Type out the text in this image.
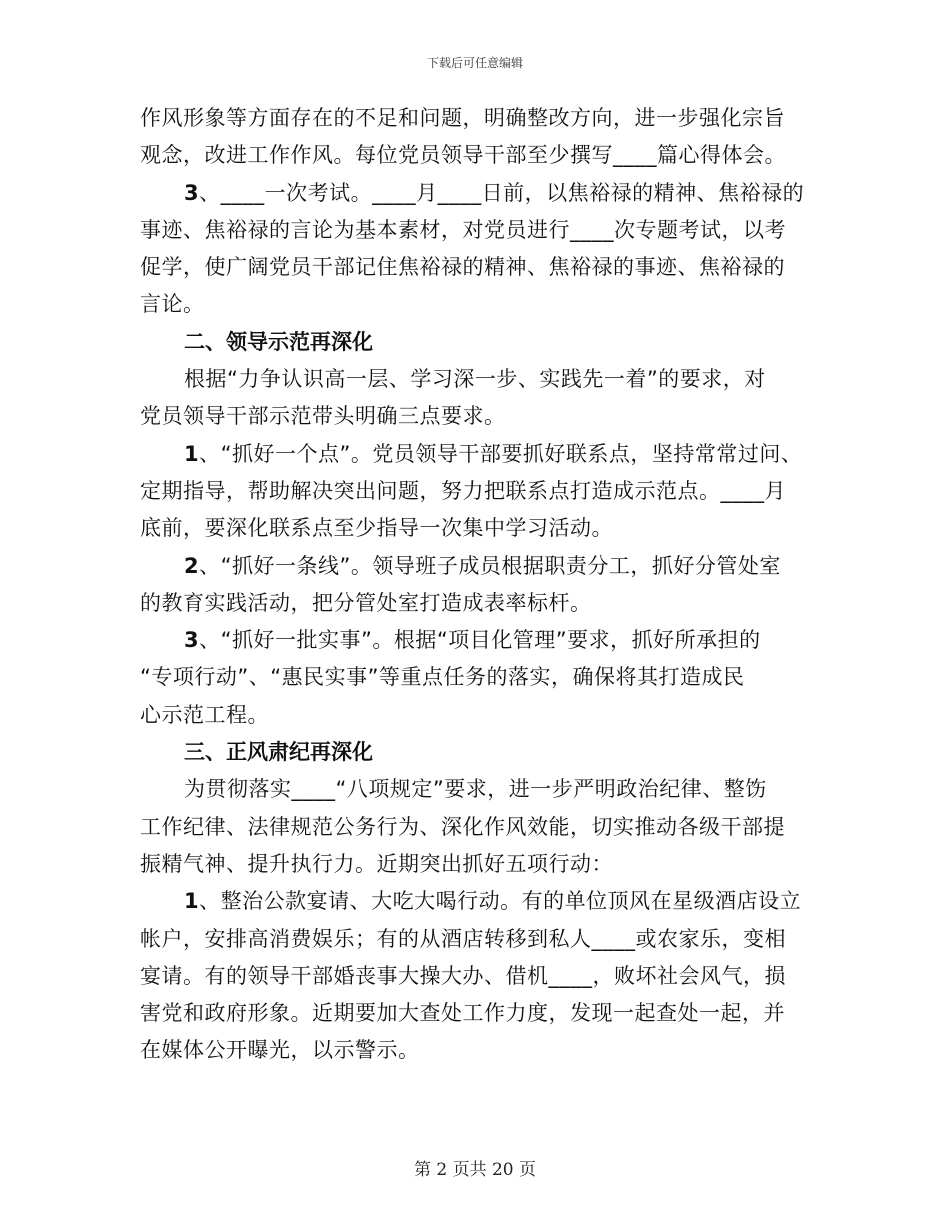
下载后可任意编辑

作风形象等方面存在的不足和问题，明确整改方向，进一步强化宗旨

观念，改进工作作风。每位党员领导干部至少撰写____篇心得体会。

3、____一次考试。____月____日前，以焦裕禄的精神、焦裕禄的

事迹、焦裕禄的言论为基本素材，对党员进行____次专题考试，以考

促学，使广阔党员干部记住焦裕禄的精神、焦裕禄的事迹、焦裕禄的

言论。

二、领导示范再深化

根据“力争认识高一层、学习深一步、实践先一着”的要求，对

党员领导干部示范带头明确三点要求。

1、“抓好一个点”。党员领导干部要抓好联系点，坚持常常过问、

定期指导，帮助解决突出问题，努力把联系点打造成示范点。____月

底前，要深化联系点至少指导一次集中学习活动。

2、“抓好一条线”。领导班子成员根据职责分工，抓好分管处室

的教育实践活动，把分管处室打造成表率标杆。

3、“抓好一批实事”。根据“项目化管理”要求，抓好所承担的

“专项行动”、“惠民实事”等重点任务的落实，确保将其打造成民

心示范工程。

三、正风肃纪再深化

为贯彻落实____“八项规定”要求，进一步严明政治纪律、整饬

工作纪律、法律规范公务行为、深化作风效能，切实推动各级干部提

振精气神、提升执行力。近期突出抓好五项行动：

1、整治公款宴请、大吃大喝行动。有的单位顶风在星级酒店设立

帐户，安排高消费娱乐；有的从酒店转移到私人____或农家乐，变相

宴请。有的领导干部婚丧事大操大办、借机____，败坏社会风气，损

害党和政府形象。近期要加大查处工作力度，发现一起查处一起，并

在媒体公开曝光，以示警示。

第 2 页共 20 页
